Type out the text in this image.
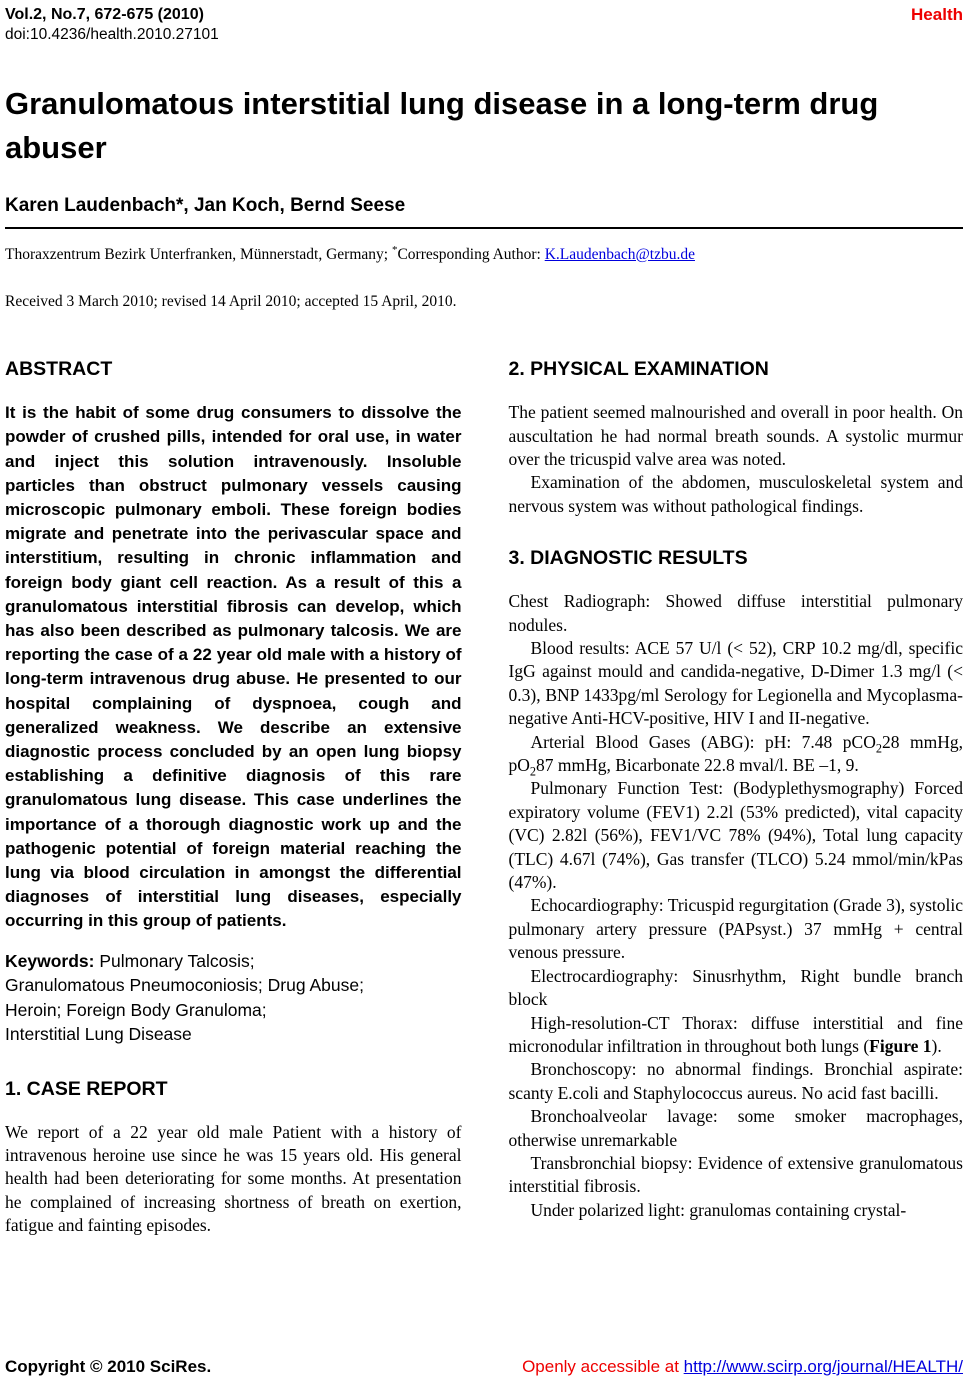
Vol.2, No.7, 672-675 (2010)
doi:10.4236/health.2010.27101
Health
Granulomatous interstitial lung disease in a long-term drug abuser
Karen Laudenbach*, Jan Koch, Bernd Seese
Thoraxzentrum Bezirk Unterfranken, Münnerstadt, Germany; *Corresponding Author: K.Laudenbach@tzbu.de
Received 3 March 2010; revised 14 April 2010; accepted 15 April, 2010.
ABSTRACT
It is the habit of some drug consumers to dissolve the powder of crushed pills, intended for oral use, in water and inject this solution intravenously. Insoluble particles than obstruct pulmonary vessels causing microscopic pulmonary emboli. These foreign bodies migrate and penetrate into the perivascular space and interstitium, resulting in chronic inflammation and foreign body giant cell reaction. As a result of this a granulomatous interstitial fibrosis can develop, which has also been described as pulmonary talcosis. We are reporting the case of a 22 year old male with a history of long-term intravenous drug abuse. He presented to our hospital complaining of dyspnoea, cough and generalized weakness. We describe an extensive diagnostic process concluded by an open lung biopsy establishing a definitive diagnosis of this rare granulomatous lung disease. This case underlines the importance of a thorough diagnostic work up and the pathogenic potential of foreign material reaching the lung via blood circulation in amongst the differential diagnoses of interstitial lung diseases, especially occurring in this group of patients.
Keywords: Pulmonary Talcosis;
Granulomatous Pneumoconiosis; Drug Abuse;
Heroin; Foreign Body Granuloma;
Interstitial Lung Disease
1. CASE REPORT

We report of a 22 year old male Patient with a history of intravenous heroine use since he was 15 years old. His general health had been deteriorating for some months. At presentation he complained of increasing shortness of breath on exertion, fatigue and fainting episodes.

2. PHYSICAL EXAMINATION

The patient seemed malnourished and overall in poor health. On auscultation he had normal breath sounds. A systolic murmur over the tricuspid valve area was noted.

Examination of the abdomen, musculoskeletal system and nervous system was without pathological findings.

3. DIAGNOSTIC RESULTS

Chest Radiograph: Showed diffuse interstitial pulmonary nodules.

Blood results: ACE 57 U/l (< 52), CRP 10.2 mg/dl, specific IgG against mould and candida-negative, D-Dimer 1.3 mg/l (< 0.3), BNP 1433pg/ml Serology for Legionella and Mycoplasma-negative Anti-HCV-positive, HIV I and II-negative.

Arterial Blood Gases (ABG): pH: 7.48 pCO$_2$28 mmHg, $pO_287$ mmHg, Bicarbonate 22.8 mval/l. BE –1, 9.

Pulmonary Function Test: (Bodyplethysmography) Forced expiratory volume (FEV1) 2.2l (53% predicted), vital capacity (VC) 2.82l (56%), FEV1/VC 78% (94%), Total lung capacity (TLC) 4.67l (74%), Gas transfer (TLCO) 5.24 mmol/min/kPas (47%).

Echocardiography: Tricuspid regurgitation (Grade 3), systolic pulmonary artery pressure (PAPsyst.) 37 mmHg + central venous pressure.

Electrocardiography: Sinusrhythm, Right bundle branch block

High-resolution-CT Thorax: diffuse interstitial and fine micronodular infiltration in throughout both lungs (Figure 1).

Bronchoscopy: no abnormal findings. Bronchial aspirate: scanty E.coli and Staphylococcus aureus. No acid fast bacilli.

Bronchoalveolar lavage: some smoker macrophages, otherwise unremarkable

Transbronchial biopsy: Evidence of extensive granulomatous interstitial fibrosis.

Under polarized light: granulomas containing crystal-

Copyright © 2010 SciRes.	Openly accessible at http://www.scirp.org/journal/HEALTH/
